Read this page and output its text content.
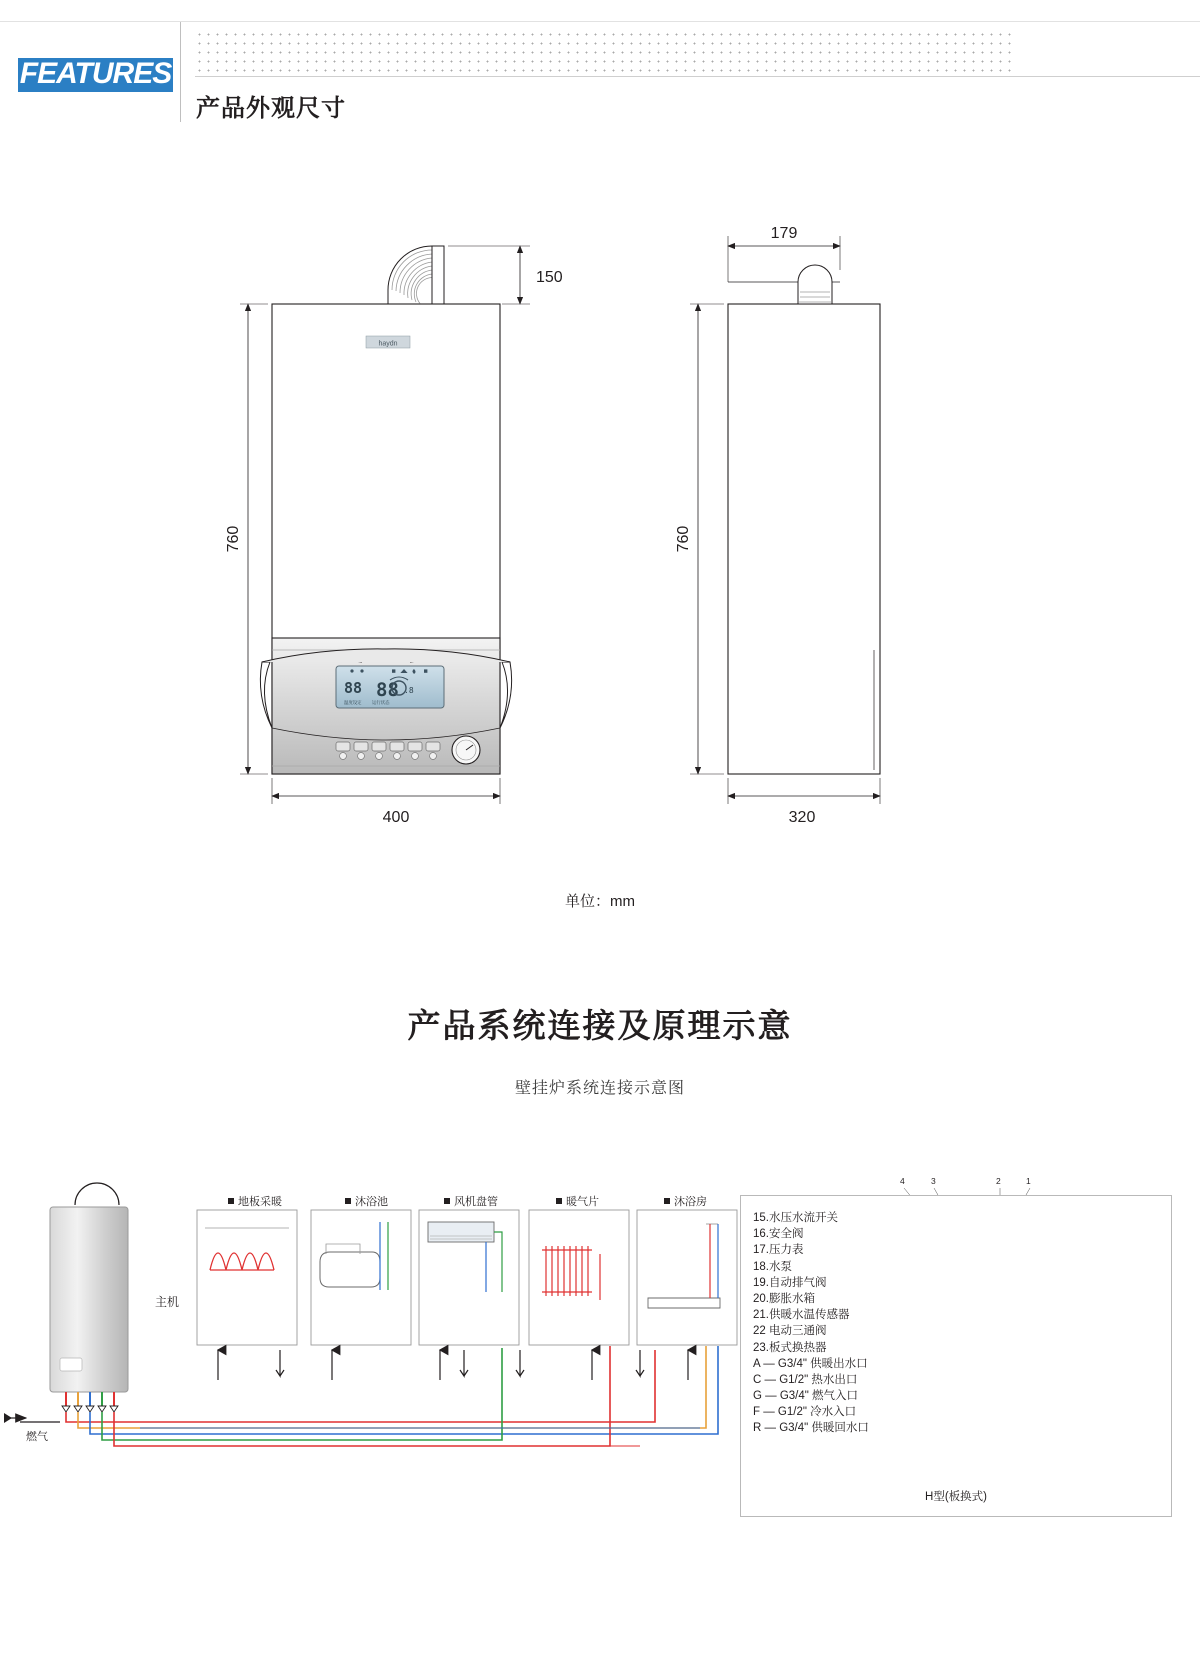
FEATURES
产品外观尺寸
haydn
88 88 .8
温度设定 运行状态
150
760
400
179
760
320
单位：mm
产品系统连接及原理示意
壁挂炉系统连接示意图
4	3	2	1
地板采暖	沐浴池	风机盘管	暖气片	沐浴房
主机
燃气
15.水压水流开关
16.安全阀
17.压力表
18.水泵
19.自动排气阀
20.膨胀水箱
21.供暖水温传感器
22 电动三通阀
23.板式换热器
A — G3/4" 供暖出水口
C — G1/2" 热水出口
G — G3/4" 燃气入口
F — G1/2" 冷水入口
R — G3/4" 供暖回水口
H型(板换式)
